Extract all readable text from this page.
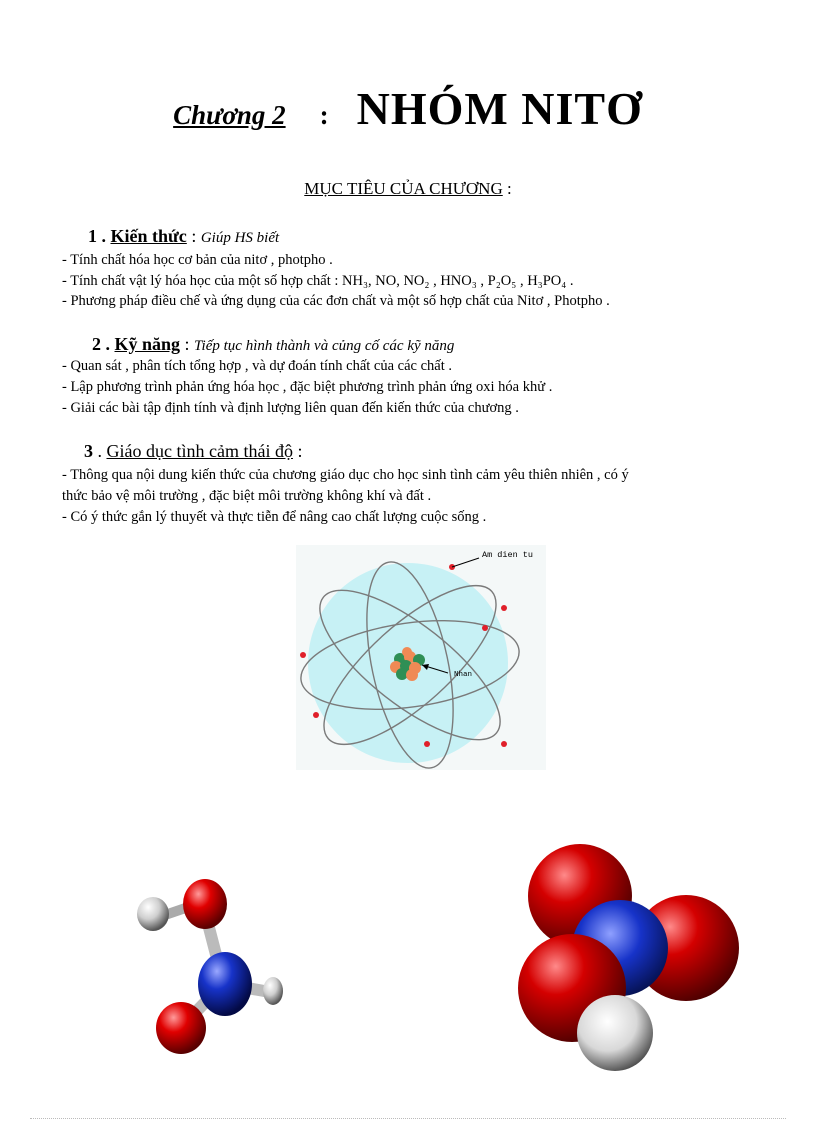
Chương 2 : NHÓM NITƠ
MỤC TIÊU CỦA CHƯƠNG :
1 . Kiến thức : Giúp HS biết
- Tính chất hóa học cơ bản của nitơ , photpho .
- Tính chất vật lý hóa học của một số hợp chất : NH₃, NO, NO₂ , HNO₃ , P₂O₅ , H₃PO₄ .
- Phương pháp điều chế và ứng dụng của các đơn chất và một số hợp chất của Nitơ , Photpho .
2 . Kỹ năng : Tiếp tục hình thành và củng cố các kỹ năng
- Quan sát , phân tích tổng hợp , và dự đoán tính chất của các chất .
- Lập phương trình phản ứng hóa học , đặc biệt phương trình phản ứng oxi hóa khử .
- Giải các bài tập định tính và định lượng liên quan đến kiến thức của chương .
3 . Giáo dục tình cảm thái độ :
- Thông qua nội dung kiến thức của chương giáo dục cho học sinh tình cảm yêu thiên nhiên , có ý
thức bảo vệ môi trường , đặc biệt môi trường không khí và đất .
- Có ý thức gắn lý thuyết và thực tiễn để nâng cao chất lượng cuộc sống .
Am dien tu
Nhan
